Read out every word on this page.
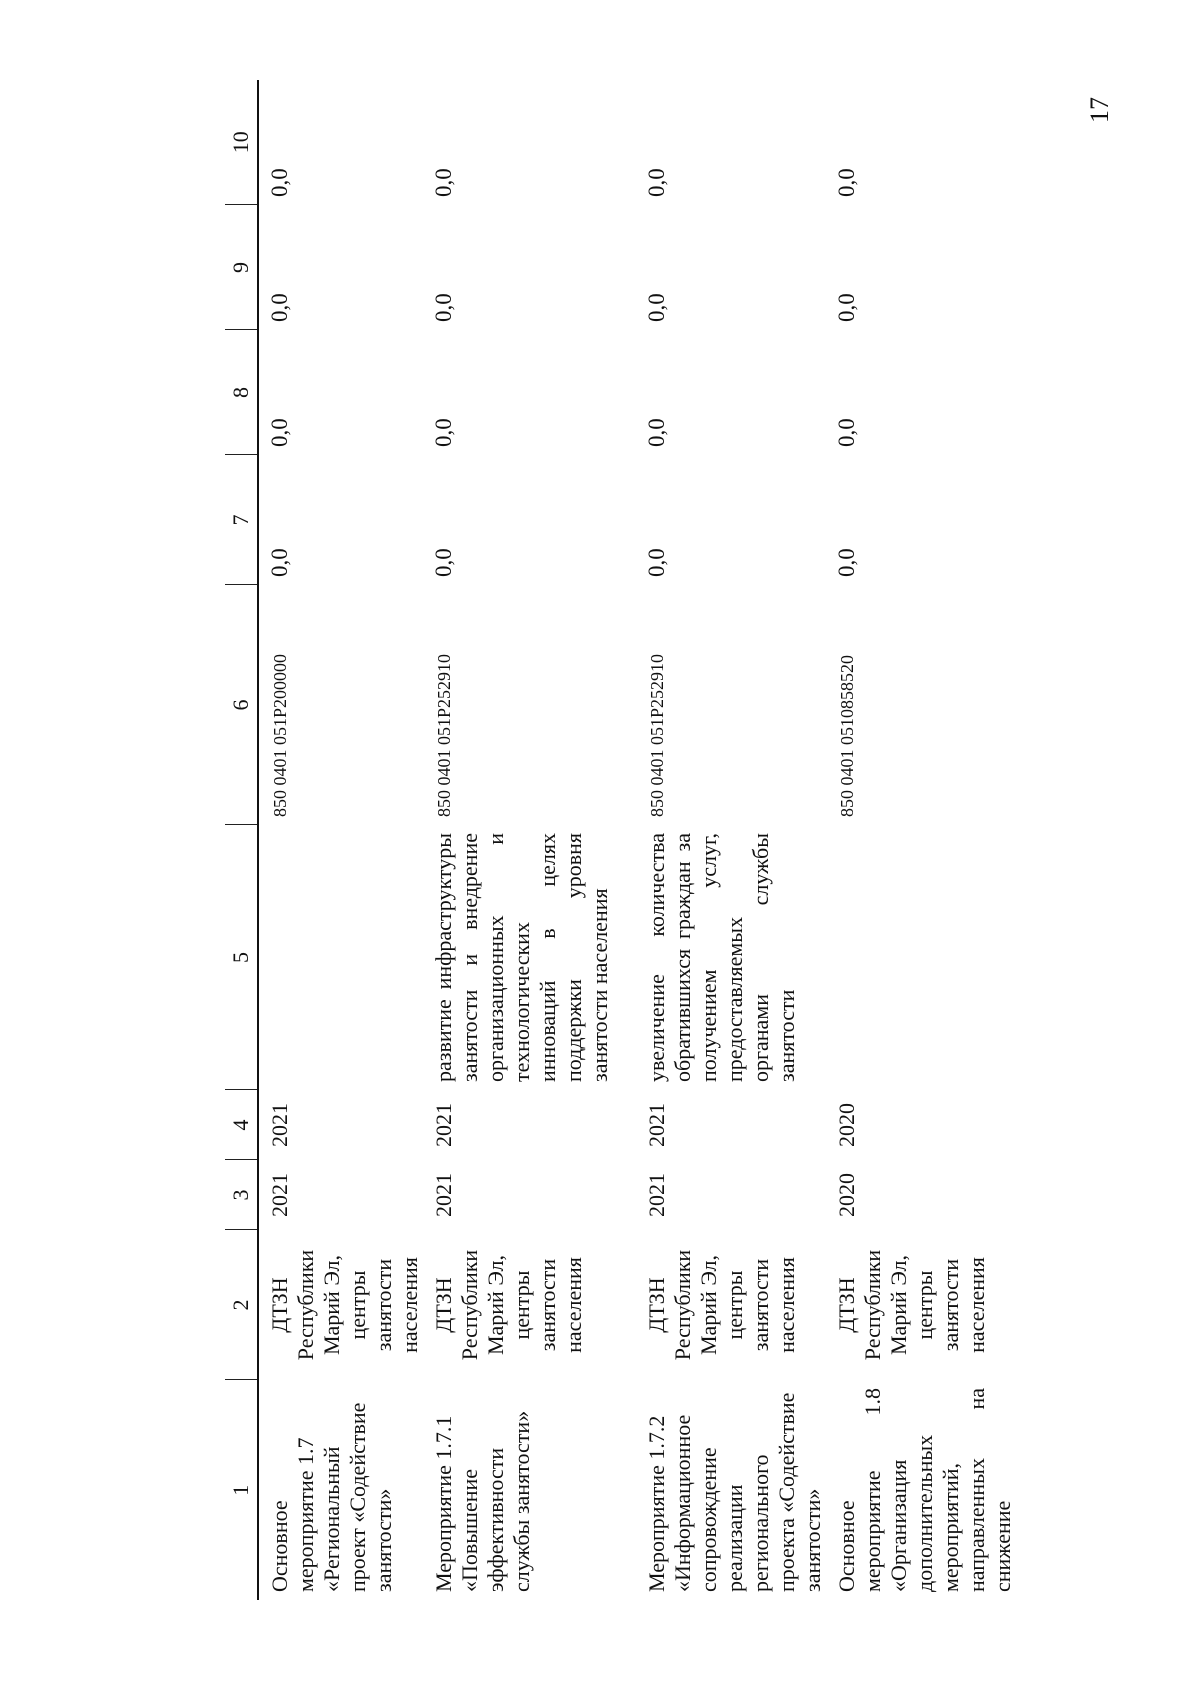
17
1	2	3	4	5	6	7	8	9	10
Основное мероприятие 1.7 «Региональный проект «Содействие занятости»	ДТЗН Республики Марий Эл, центры занятости населения	2021	2021		850 0401 051P200000	0,0	0,0	0,0	0,0
Мероприятие 1.7.1 «Повышение эффективности службы занятости»	ДТЗН Республики Марий Эл, центры занятости населения	2021	2021	развитие инфраструктуры занятости и внедрение организационных и технологических инноваций в целях поддержки уровня занятости населения	850 0401 051P252910	0,0	0,0	0,0	0,0
Мероприятие 1.7.2 «Информационное сопровождение реализации регионального проекта «Содействие занятости»	ДТЗН Республики Марий Эл, центры занятости населения	2021	2021	увеличение количества обратившихся граждан за получением услуг, предоставляемых органами службы занятости	850 0401 051P252910	0,0	0,0	0,0	0,0
Основное мероприятие 1.8 «Организация дополнительных мероприятий, направленных на снижение	ДТЗН Республики Марий Эл, центры занятости населения	2020	2020		850 0401 0510858520	0,0	0,0	0,0	0,0
